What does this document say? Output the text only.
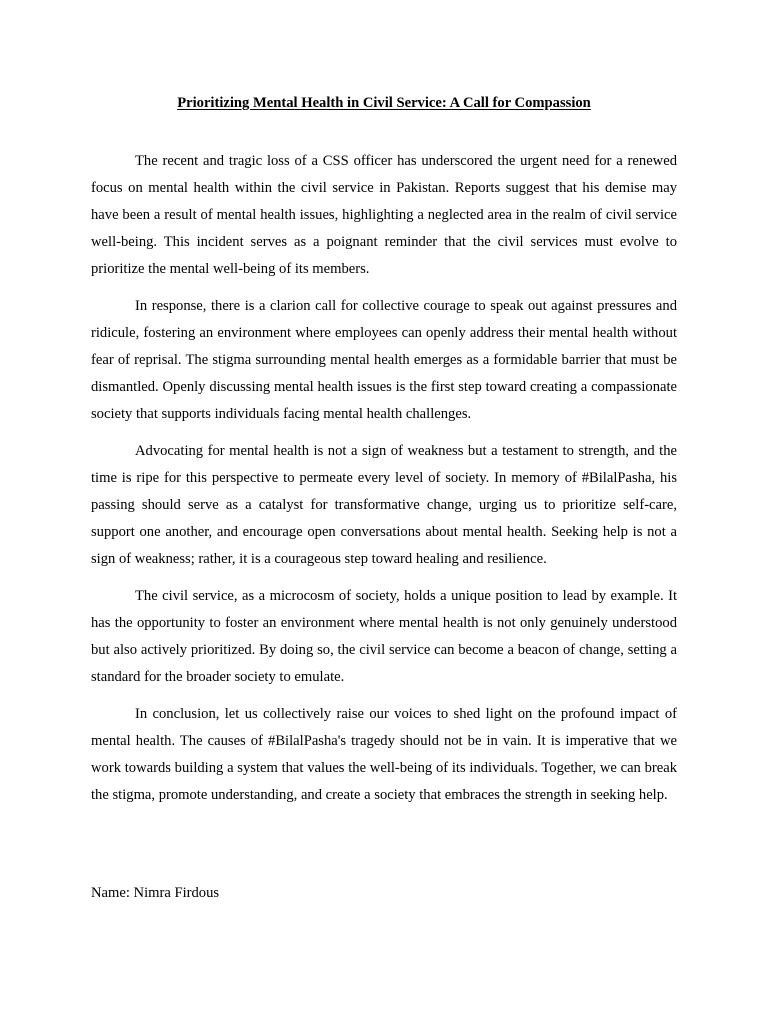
Prioritizing Mental Health in Civil Service: A Call for Compassion

The recent and tragic loss of a CSS officer has underscored the urgent need for a renewed focus on mental health within the civil service in Pakistan. Reports suggest that his demise may have been a result of mental health issues, highlighting a neglected area in the realm of civil service well-being. This incident serves as a poignant reminder that the civil services must evolve to prioritize the mental well-being of its members.

In response, there is a clarion call for collective courage to speak out against pressures and ridicule, fostering an environment where employees can openly address their mental health without fear of reprisal. The stigma surrounding mental health emerges as a formidable barrier that must be dismantled. Openly discussing mental health issues is the first step toward creating a compassionate society that supports individuals facing mental health challenges.

Advocating for mental health is not a sign of weakness but a testament to strength, and the time is ripe for this perspective to permeate every level of society. In memory of #BilalPasha, his passing should serve as a catalyst for transformative change, urging us to prioritize self-care, support one another, and encourage open conversations about mental health. Seeking help is not a sign of weakness; rather, it is a courageous step toward healing and resilience.

The civil service, as a microcosm of society, holds a unique position to lead by example. It has the opportunity to foster an environment where mental health is not only genuinely understood but also actively prioritized. By doing so, the civil service can become a beacon of change, setting a standard for the broader society to emulate.

In conclusion, let us collectively raise our voices to shed light on the profound impact of mental health. The causes of #BilalPasha's tragedy should not be in vain. It is imperative that we work towards building a system that values the well-being of its individuals. Together, we can break the stigma, promote understanding, and create a society that embraces the strength in seeking help.

Name: Nimra Firdous
